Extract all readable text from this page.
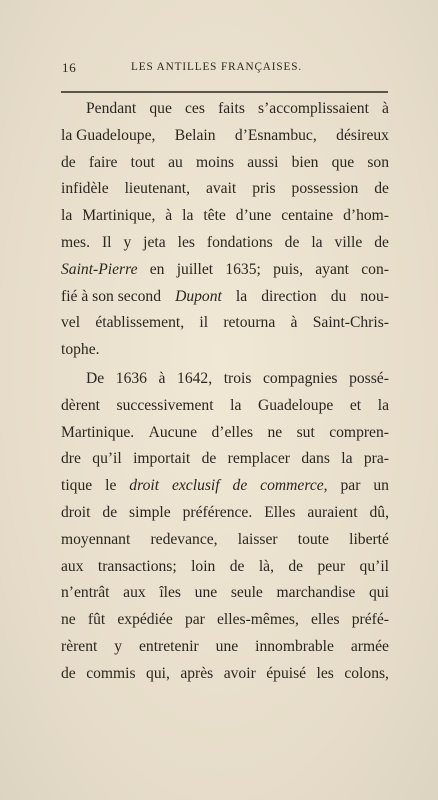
16	LES ANTILLES FRANÇAISES.
Pendant que ces faits s’accomplissaient à
la Guadeloupe, Belain d’Esnambuc, désireux
de faire tout au moins aussi bien que son
infidèle lieutenant, avait pris possession de
la Martinique, à la tête d’une centaine d’hom-
mes. Il y jeta les fondations de la ville de
Saint-Pierre en juillet 1635; puis, ayant con-
fié à son second Dupont la direction du nou-
vel établissement, il retourna à Saint-Chris-
tophe.
De 1636 à 1642, trois compagnies possé-
dèrent successivement la Guadeloupe et la
Martinique. Aucune d’elles ne sut compren-
dre qu’il importait de remplacer dans la pra-
tique le droit exclusif de commerce, par un
droit de simple préférence. Elles auraient dû,
moyennant redevance, laisser toute liberté
aux transactions; loin de là, de peur qu’il
n’entrât aux îles une seule marchandise qui
ne fût expédiée par elles-mêmes, elles préfé-
rèrent y entretenir une innombrable armée
de commis qui, après avoir épuisé les colons,
